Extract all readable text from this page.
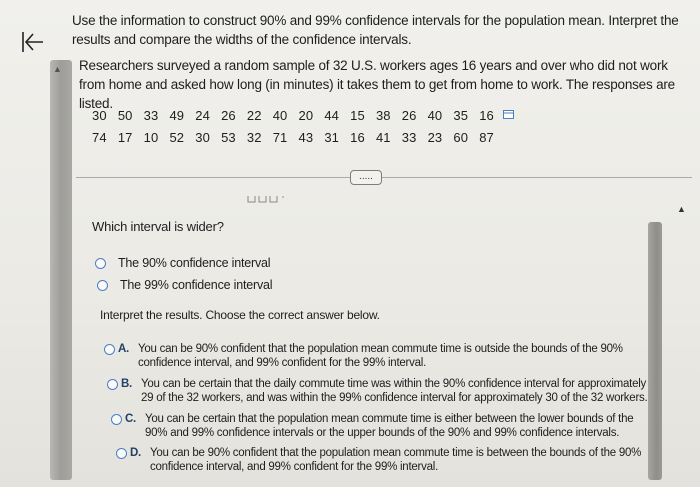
▲
Use the information to construct 90% and 99% confidence intervals for the population mean. Interpret the results and compare the widths of the confidence intervals.
Researchers surveyed a random sample of 32 U.S. workers ages 16 years and over who did not work from home and asked how long (in minutes) it takes them to get from home to work. The responses are listed.
30 50 33 49 24 26 22 40 20 44 15 38 26 40 35 16
74 17 10 52 30 53 32 71 43 31 16 41 33 23 60 87
.....
Which interval is wider?
The 90% confidence interval
The 99% confidence interval
Interpret the results. Choose the correct answer below.
A. You can be 90% confident that the population mean commute time is outside the bounds of the 90% confidence interval, and 99% confident for the 99% interval.
B. You can be certain that the daily commute time was within the 90% confidence interval for approximately 29 of the 32 workers, and was within the 99% confidence interval for approximately 30 of the 32 workers.
C. You can be certain that the population mean commute time is either between the lower bounds of the 90% and 99% confidence intervals or the upper bounds of the 90% and 99% confidence intervals.
D. You can be 90% confident that the population mean commute time is between the bounds of the 90% confidence interval, and 99% confident for the 99% interval.
▲
